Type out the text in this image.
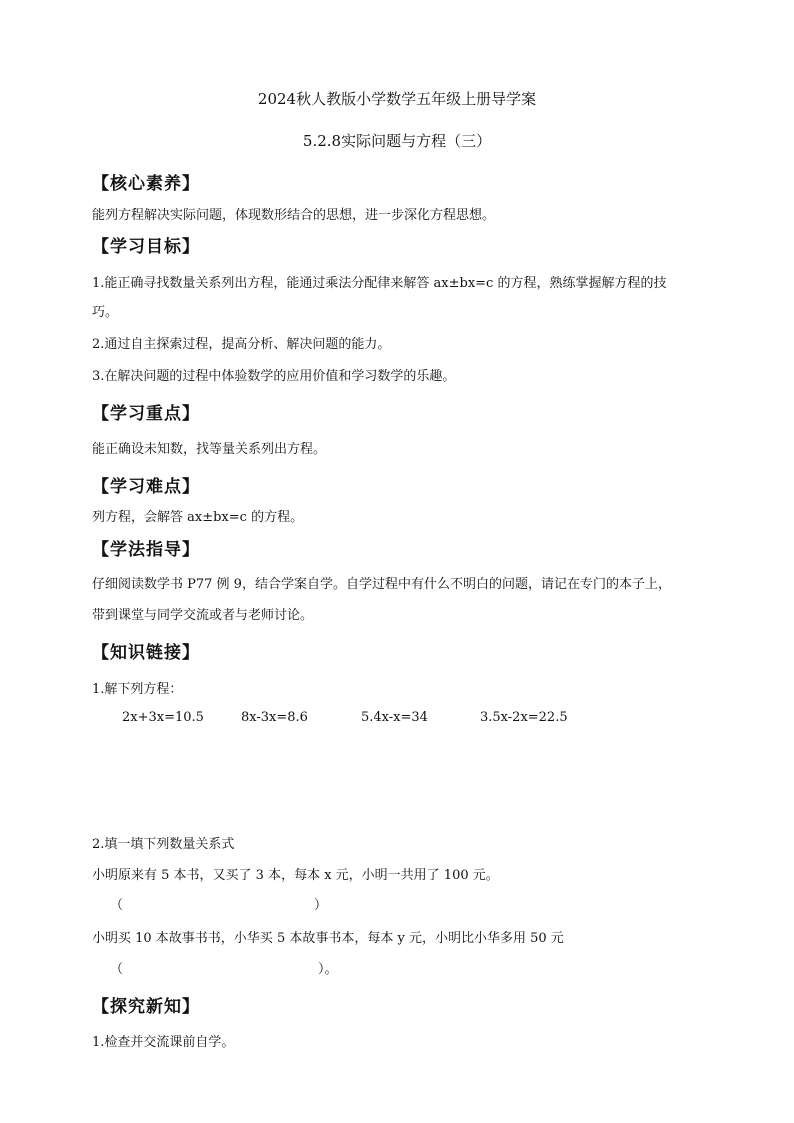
2024秋人教版小学数学五年级上册导学案
5.2.8实际问题与方程（三）
【核心素养】
能列方程解决实际问题，体现数形结合的思想，进一步深化方程思想。
【学习目标】
1.能正确寻找数量关系列出方程，能通过乘法分配律来解答 ax±bx=c 的方程，熟练掌握解方程的技
巧。
2.通过自主探索过程，提高分析、解决问题的能力。
3.在解决问题的过程中体验数学的应用价值和学习数学的乐趣。
【学习重点】
能正确设未知数，找等量关系列出方程。
【学习难点】
列方程，会解答 ax±bx=c 的方程。
【学法指导】
仔细阅读数学书 P77 例 9，结合学案自学。自学过程中有什么不明白的问题，请记在专门的本子上，
带到课堂与同学交流或者与老师讨论。
【知识链接】
1.解下列方程：
2x+3x=10.5	8x-3x=8.6	5.4x-x=34	3.5x-2x=22.5
2.填一填下列数量关系式
小明原来有 5 本书，又买了 3 本，每本 x 元，小明一共用了 100 元。
（	）
小明买 10 本故事书书，小华买 5 本故事书本，每本 y 元，小明比小华多用 50 元
（	）。
【探究新知】
1.检查并交流课前自学。
